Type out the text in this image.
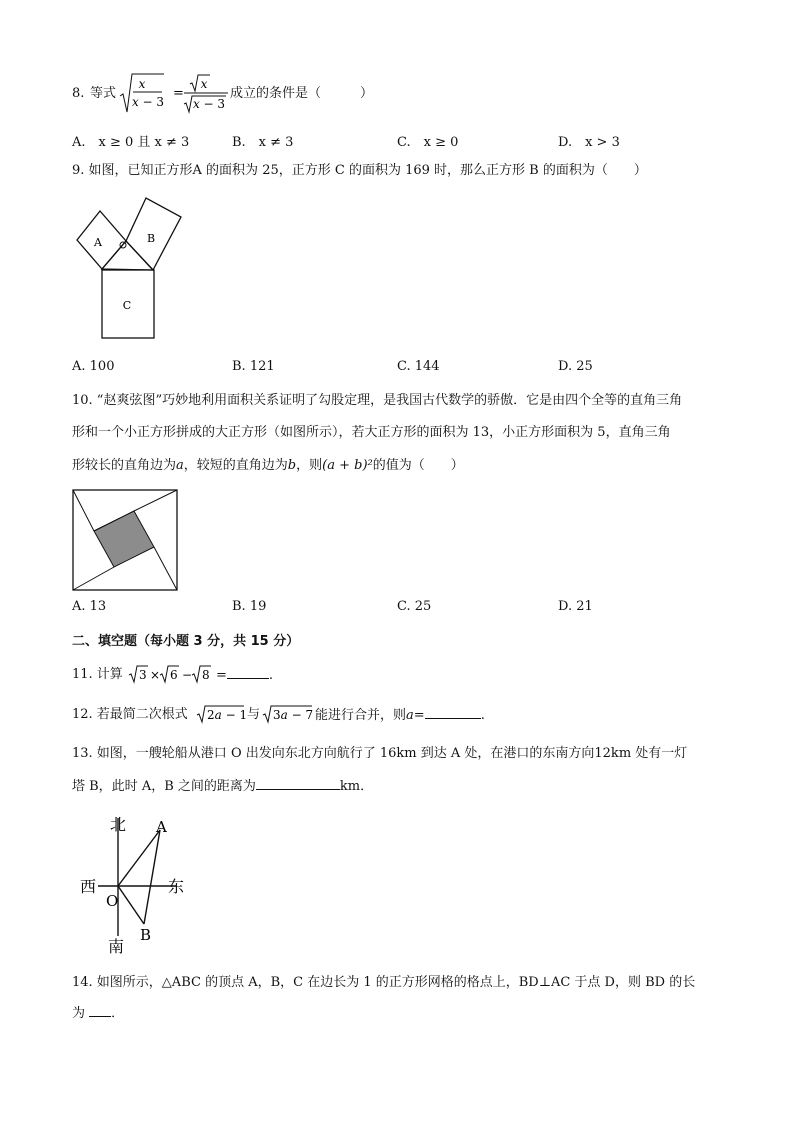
8. 等式
x
x − 3
=
x
x − 3
成立的条件是（　　　）
A.　x ≥ 0 且 x ≠ 3	B.　x ≠ 3	C.　x ≥ 0	D.　x > 3
9. 如图，已知正方形A 的面积为 25，正方形 C 的面积为 169 时，那么正方形 B 的面积为（　　）
A	B
C
A. 100	B. 121	C. 144	D. 25
10. “赵爽弦图”巧妙地利用面积关系证明了勾股定理，是我国古代数学的骄傲．它是由四个全等的直角三角
形和一个小正方形拼成的大正方形（如图所示），若大正方形的面积为 13，小正方形面积为 5，直角三角
形较长的直角边为a，较短的直角边为b，则(a + b)²的值为（　　）
A. 13	B. 19	C. 25	D. 21
二、填空题（每小题 3 分，共 15 分）
11. 计算 3 × 6 − 8 =	.
12. 若最简二次根式 2a − 1 与 3a − 7 能进行合并，则a=	.
13. 如图，一艘轮船从港口 O 出发向东北方向航行了 16km 到达 A 处，在港口的东南方向12km 处有一灯
塔 B，此时 A，B 之间的距离为	km．
北
南
西	东
O
A
B
14. 如图所示，△ABC 的顶点 A，B，C 在边长为 1 的正方形网格的格点上，BD⊥AC 于点 D，则 BD 的长
为 ．
